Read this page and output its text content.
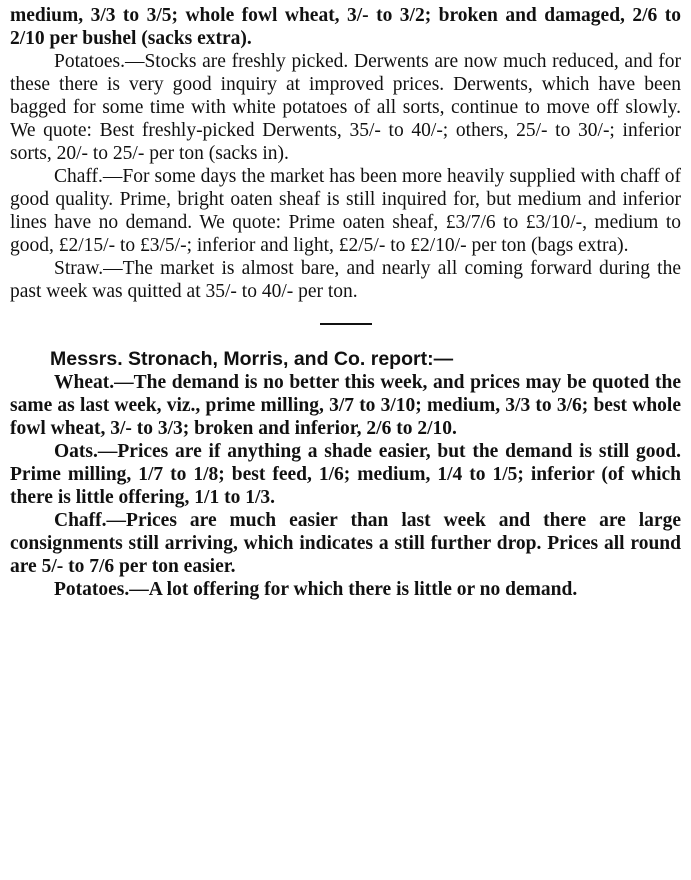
medium, 3/3 to 3/5; whole fowl wheat, 3/- to 3/2; broken and damaged, 2/6 to 2/10 per bushel (sacks extra).

Potatoes.—Stocks are freshly picked. Derwents are now much reduced, and for these there is very good inquiry at improved prices. Derwents, which have been bagged for some time with white potatoes of all sorts, continue to move off slowly. We quote: Best freshly-picked Derwents, 35/- to 40/-; others, 25/- to 30/-; inferior sorts, 20/- to 25/- per ton (sacks in).

Chaff.—For some days the market has been more heavily supplied with chaff of good quality. Prime, bright oaten sheaf is still inquired for, but medium and inferior lines have no demand. We quote: Prime oaten sheaf, £3/7/6 to £3/10/-, medium to good, £2/15/- to £3/5/-; inferior and light, £2/5/- to £2/10/- per ton (bags extra).

Straw.—The market is almost bare, and nearly all coming forward during the past week was quitted at 35/- to 40/- per ton.

Messrs. Stronach, Morris, and Co. report:—

Wheat.—The demand is no better this week, and prices may be quoted the same as last week, viz., prime milling, 3/7 to 3/10; medium, 3/3 to 3/6; best whole fowl wheat, 3/- to 3/3; broken and inferior, 2/6 to 2/10.

Oats.—Prices are if anything a shade easier, but the demand is still good. Prime milling, 1/7 to 1/8; best feed, 1/6; medium, 1/4 to 1/5; inferior (of which there is little offering, 1/1 to 1/3.

Chaff.—Prices are much easier than last week and there are large consignments still arriving, which indicates a still further drop. Prices all round are 5/- to 7/6 per ton easier.

Potatoes.—A lot offering for which there is little or no demand.
